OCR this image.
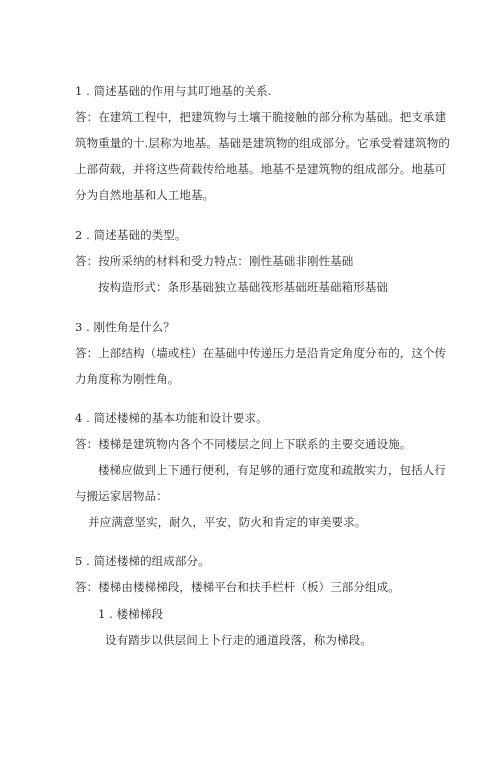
1 . 简述基础的作用与其叮地基的关系.
答：在建筑工程中，把建筑物与土壤干脆接触的部分称为基础。把支承建
筑物重量的十.层称为地基。基础是建筑物的组成部分。它承受着建筑物的
上部荷载，并将这些荷载传给地基。地基不是建筑物的组成部分。地基可
分为自然地基和人工地基。
2 . 简述基础的类型。
答：按所采纳的材料和受力特点：刚性基础非刚性基础
按构造形式：条形基础独立基础筏形基础班基础箱形基础
3 . 刚性角是什么？
答：上部结构（墙或柱）在基础中传递压力是沿肯定角度分布的，这个传
力角度称为刚性角。
4 . 简述楼梯的基本功能和设计要求。
答：楼梯是建筑物内各个不同楼层之间上下联系的主要交通设施。
楼梯应做到上下通行便利，有足够的通行宽度和疏散实力，包括人行
与搬运家居物品：
并应满意坚实，耐久，平安，防火和肯定的审美要求。
5 . 简述楼梯的组成部分。
答：楼梯由楼梯梯段，楼梯平台和扶手栏杆（板）三部分组成。
1 . 楼梯梯段
设有踏步以供层间上卜行走的通道段落，称为梯段。
